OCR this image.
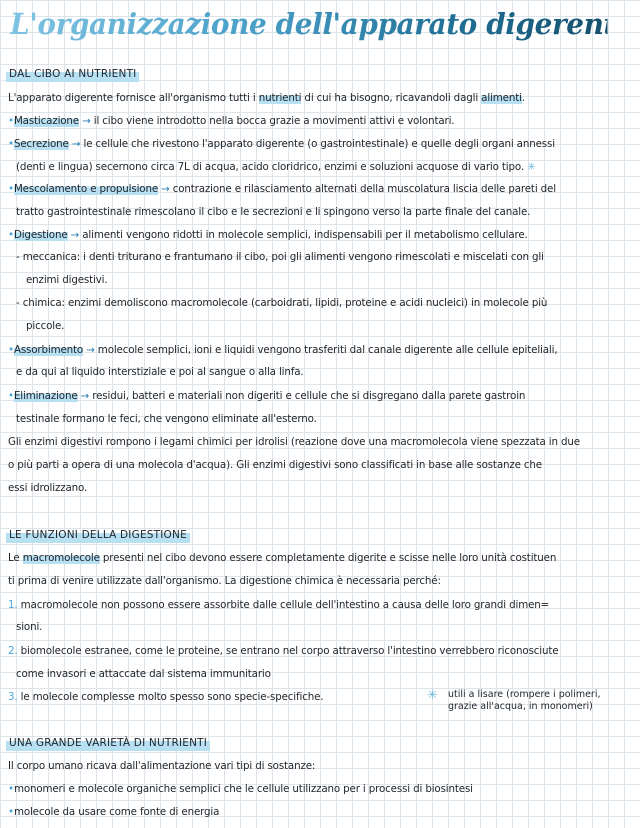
L'organizzazione dell'apparato digerente
DAL CIBO AI NUTRIENTI
L'apparato digerente fornisce all'organismo tutti i nutrienti di cui ha bisogno, ricavandoli dagli alimenti.
•Masticazione → il cibo viene introdotto nella bocca grazie a movimenti attivi e volontari.
•Secrezione → le cellule che rivestono l'apparato digerente (o gastrointestinale) e quelle degli organi annessi
(denti e lingua) secernono circa 7L di acqua, acido cloridrico, enzimi e soluzioni acquose di vario tipo. ✳
•Mescolamento e propulsione → contrazione e rilasciamento alternati della muscolatura liscia delle pareti del
tratto gastrointestinale rimescolano il cibo e le secrezioni e li spingono verso la parte finale del canale.
•Digestione → alimenti vengono ridotti in molecole semplici, indispensabili per il metabolismo cellulare.
- meccanica: i denti triturano e frantumano il cibo, poi gli alimenti vengono rimescolati e miscelati con gli
enzimi digestivi.
- chimica: enzimi demoliscono macromolecole (carboidrati, lipidi, proteine e acidi nucleici) in molecole più
piccole.
•Assorbimento → molecole semplici, ioni e liquidi vengono trasferiti dal canale digerente alle cellule epiteliali,
e da qui al liquido interstiziale e poi al sangue o alla linfa.
•Eliminazione → residui, batteri e materiali non digeriti e cellule che si disgregano dalla parete gastroin
testinale formano le feci, che vengono eliminate all'esterno.
Gli enzimi digestivi rompono i legami chimici per idrolisi (reazione dove una macromolecola viene spezzata in due
o più parti a opera di una molecola d'acqua). Gli enzimi digestivi sono classificati in base alle sostanze che
essi idrolizzano.
LE FUNZIONI DELLA DIGESTIONE
Le macromolecole presenti nel cibo devono essere completamente digerite e scisse nelle loro unità costituen
ti prima di venire utilizzate dall'organismo. La digestione chimica è necessaria perché:
1. macromolecole non possono essere assorbite dalle cellule dell'intestino a causa delle loro grandi dimen=
sioni.
2. biomolecole estranee, come le proteine, se entrano nel corpo attraverso l'intestino verrebbero riconosciute
come invasori e attaccate dal sistema immunitario
3. le molecole complesse molto spesso sono specie-specifiche.	✳ utili a lisare (rompere i polimeri,
grazie all'acqua, in monomeri)
UNA GRANDE VARIETÀ DI NUTRIENTI
Il corpo umano ricava dall'alimentazione vari tipi di sostanze:
•monomeri e molecole organiche semplici che le cellule utilizzano per i processi di biosintesi
•molecole da usare come fonte di energia
